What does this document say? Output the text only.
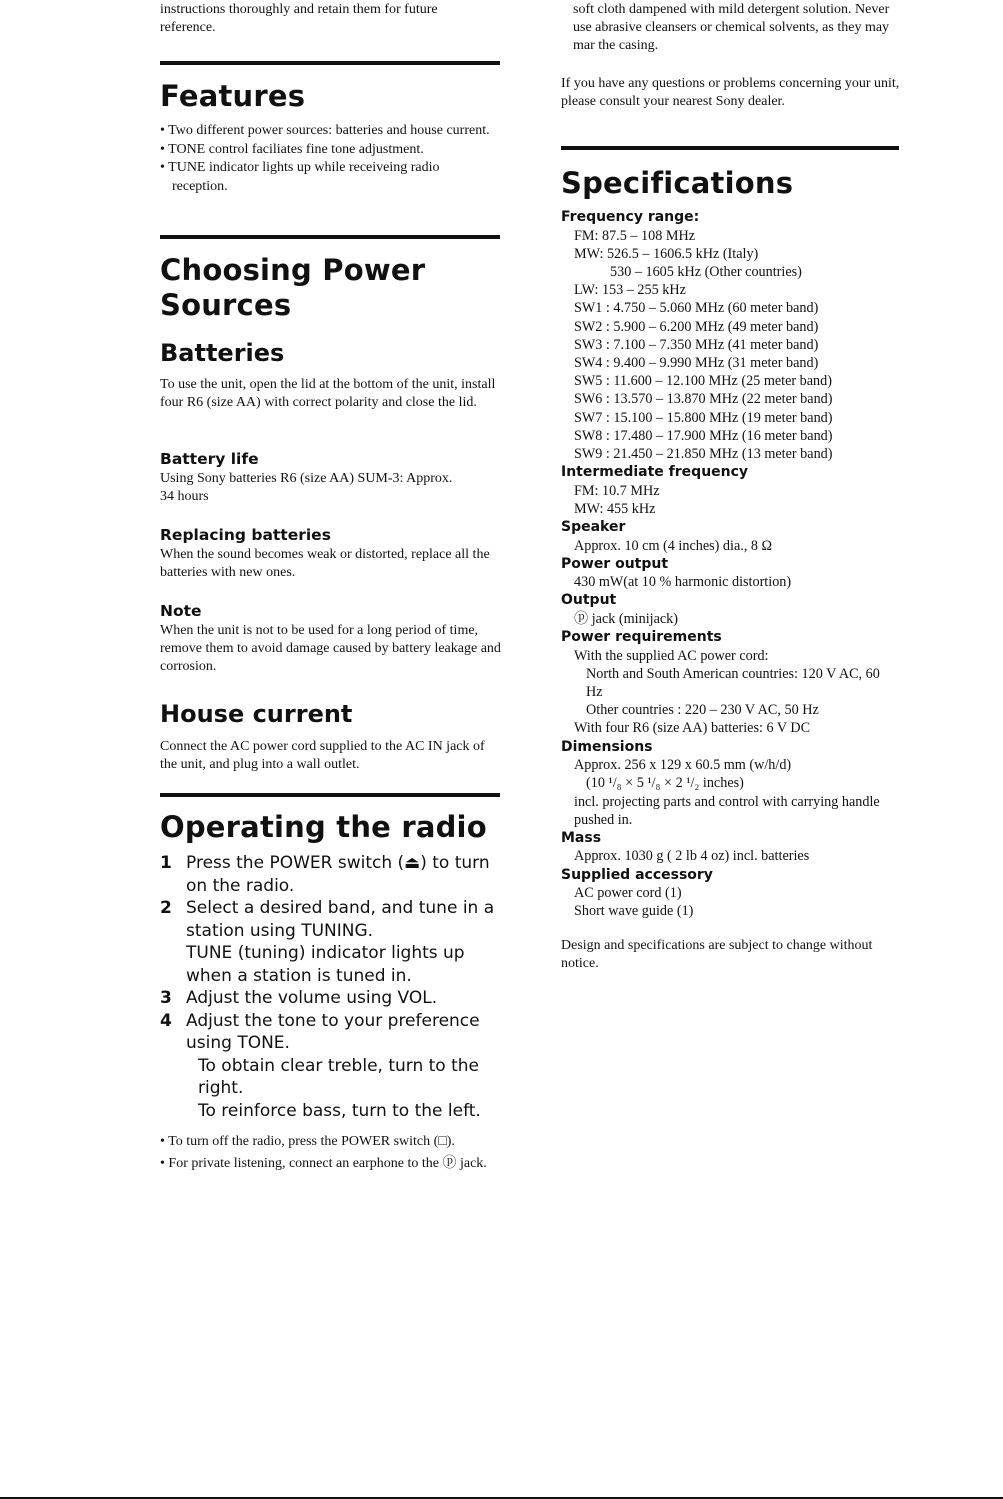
instructions thoroughly and retain them for future reference.

Features
• Two different power sources: batteries and house current.
• TONE control faciliates fine tone adjustment.
• TUNE indicator lights up while receiveing radio reception.
Choosing Power Sources
Batteries

To use the unit, open the lid at the bottom of the unit, install four R6 (size AA) with correct polarity and close the lid.

Battery life

Using Sony batteries R6 (size AA) SUM-3: Approx. 34 hours

Replacing batteries

When the sound becomes weak or distorted, replace all the batteries with new ones.

Note

When the unit is not to be used for a long period of time, remove them to avoid damage caused by battery leakage and corrosion.

House current

Connect the AC power cord supplied to the AC IN jack of the unit, and plug into a wall outlet.

Operating the radio
1 Press the POWER switch (⏏) to turn on the radio.
2 Select a desired band, and tune in a station using TUNING.
TUNE (tuning) indicator lights up when a station is tuned in.
3 Adjust the volume using VOL.
4 Adjust the tone to your preference using TONE.
To obtain clear treble, turn to the right.
To reinforce bass, turn to the left.
• To turn off the radio, press the POWER switch (□).
• For private listening, connect an earphone to the ⓟ jack.

soft cloth dampened with mild detergent solution. Never use abrasive cleansers or chemical solvents, as they may mar the casing.

If you have any questions or problems concerning your unit, please consult your nearest Sony dealer.

Specifications
Frequency range:
FM: 87.5 – 108 MHz
MW: 526.5 – 1606.5 kHz (Italy)
530 – 1605 kHz (Other countries)
LW: 153 – 255 kHz
SW1 : 4.750 – 5.060 MHz (60 meter band)
SW2 : 5.900 – 6.200 MHz (49 meter band)
SW3 : 7.100 – 7.350 MHz (41 meter band)
SW4 : 9.400 – 9.990 MHz (31 meter band)
SW5 : 11.600 – 12.100 MHz (25 meter band)
SW6 : 13.570 – 13.870 MHz (22 meter band)
SW7 : 15.100 – 15.800 MHz (19 meter band)
SW8 : 17.480 – 17.900 MHz (16 meter band)
SW9 : 21.450 – 21.850 MHz (13 meter band)
Intermediate frequency
FM: 10.7 MHz
MW: 455 kHz
Speaker
Approx. 10 cm (4 inches) dia., 8 Ω
Power output
430 mW(at 10 % harmonic distortion)
Output
ⓟ jack (minijack)
Power requirements
With the supplied AC power cord:
North and South American countries: 120 V AC, 60 Hz
Other countries : 220 – 230 V AC, 50 Hz
With four R6 (size AA) batteries: 6 V DC
Dimensions
Approx. 256 x 129 x 60.5 mm (w/h/d)
(10 ¹/₈ × 5 ¹/₈ × 2 ¹/₂ inches)
incl. projecting parts and control with carrying handle pushed in.
Mass
Approx. 1030 g ( 2 lb 4 oz) incl. batteries
Supplied accessory
AC power cord (1)
Short wave guide (1)

Design and specifications are subject to change without notice.
